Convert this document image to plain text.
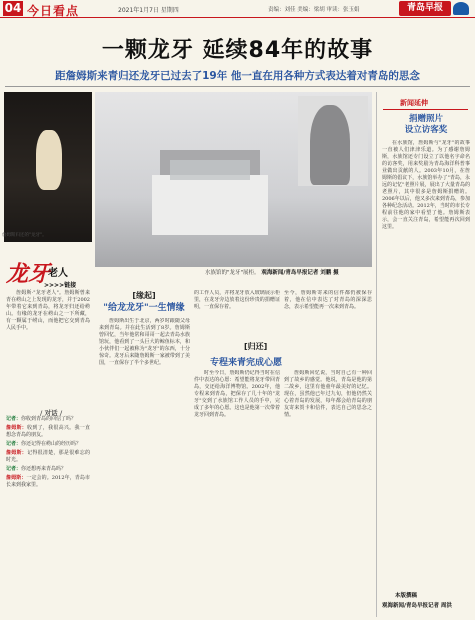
04 今日看点	2021年1月7日 星期四	责编：刘佳 美编：梁胡 审读：张玉娟	青岛早报
一颗龙牙 延续84年的故事
距詹姆斯来青归还龙牙已过去了19年 他一直在用各种方式表达着对青岛的思念
詹姆斯归还的"龙牙"。
龙牙
老人
>>>>链接
詹姆斯·"龙牙老人"。詹姆斯曾来青在崂山之上发现的龙牙，并于2002年带着它来到青岛，将龙牙归还给崂山。有缘的龙牙在崂山之一下所藏，有一颗属于崂山，而他把它交到青岛人民手中。
/ 对话 /

记者：你收到青岛的回信了吗？

詹姆斯：收到了，我很高兴。我一直想念青岛的朋友。

记者：你还记得在崂山的经历吗？

詹姆斯：记得很清楚，那是很难忘的时光。

记者：你还想再来青岛吗？

詹姆斯：一定会的。2012年，青岛市长来到我家里。

水族馆的"龙牙"展柜。 观海新闻/青岛早报记者 刘鹏 摄
[缘起]
"给龙龙牙"一生情缘
詹姆斯出生于北京，两岁时跟随父母来到青岛。并在此生活到了8岁。詹姆斯曾回忆，当年他常和哥哥一起去青岛水族馆玩，他看到了一头巨大的鲸鱼标本，和小伙伴们一起被称为"龙牙"的东西，十分惊奇。龙牙后来随詹姆斯一家被带到了美国，一直保存了半个多世纪。
的工作人员，并将龙牙放入玻璃展示柜里，在龙牙旁边放着这份珍贵的捐赠证明，一直保存着。
至今，詹姆斯寄来的信件都仍被保存着，他在信中表达了对青岛的深深思念，表示希望能再一次来到青岛。
[归还]
专程来青完成心愿
时至今日，詹姆斯仍记得当时在信件中表达的心愿：希望能将龙牙带回青岛，交还给海洋博物馆。2002年，他专程来到青岛，把保存了几十年的"龙牙"交到了水族馆工作人员的手中，完成了多年的心愿。这也是他第一次带着龙牙回到青岛。
詹姆斯回忆说，当时自己有一种回到了故乡的感觉。他说，青岛是他的第二故乡，这里有他童年最美好的记忆。现在，虽然他已年过九旬，但他仍然关心着青岛的发展，每年都会给青岛的朋友寄来贺卡和信件，表达自己的思念之情。
新闻延伸
捐赠照片
设立访客奖
在水族馆，詹姆斯与"龙牙"的故事一直被人们津津乐道。为了感谢詹姆斯，水族馆还专门设立了以他名字命名的访客奖，用来奖励为青岛海洋科普事业做出贡献的人。2003年10月，在詹姆斯的倡议下，水族馆举办了"青岛，永远的记忆"老照片展，展出了大量青岛的老照片，其中很多是詹姆斯捐赠的。2006年以后，他又多次来到青岛，参加各种纪念活动。2012年，当时的市长专程前往他的家中看望了他。詹姆斯表示，会一直关注青岛，希望能再次回到这里。
本版撰稿
观海新闻/青岛早报记者 周洪
